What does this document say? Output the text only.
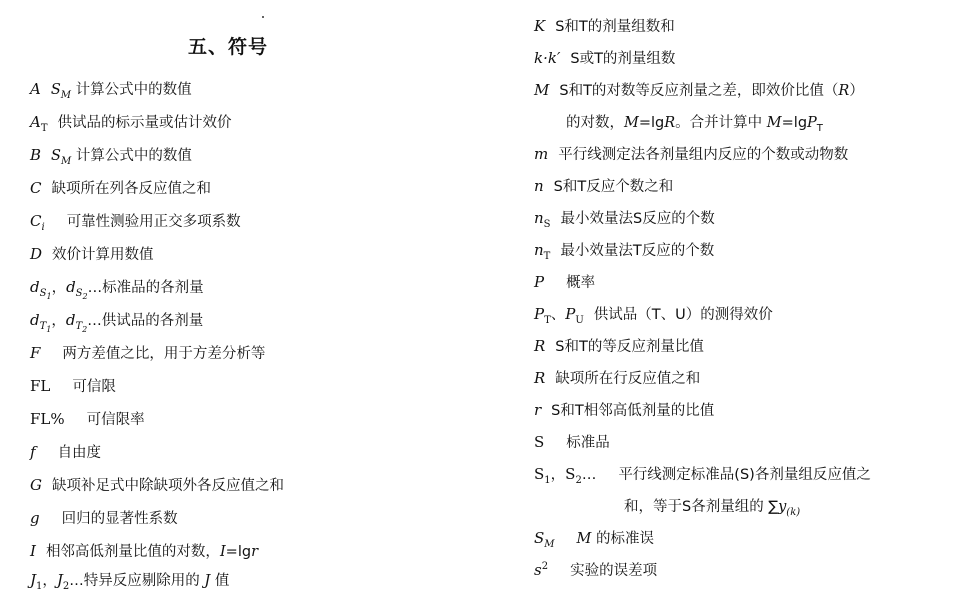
五、符号
A $S_M$ 计算公式中的数值
$A_T$ 供试品的标示量或估计效价
B $S_M$ 计算公式中的数值
C 缺项所在列各反应值之和
$C_i$ 可靠性测验用正交多项系数
D 效价计算用数值
$d_{S_1}$，$d_{S_2}\dots$标准品的各剂量
$d_{T_1}$，$d_{T_2}\dots$供试品的各剂量
F 两方差值之比，用于方差分析等
FL 可信限
FL% 可信限率
f 自由度
G 缺项补足式中除缺项外各反应值之和
g 回归的显著性系数
I 相邻高低剂量比值的对数，I=lgr
$J_1$，$J_2\dots$特异反应剔除用的 J 值
K S和T的剂量组数和
k·k′ S或T的剂量组数
M S和T的对数等反应剂量之差，即效价比值（R）
的对数，M=lgR。合并计算中 M=lgP$_T$
m 平行线测定法各剂量组内反应的个数或动物数
n S和T反应个数之和
$n_S$ 最小效量法S反应的个数
$n_T$ 最小效量法T反应的个数
P 概率
$P_T$、$P_U$ 供试品（T、U）的测得效价
R S和T的等反应剂量比值
R 缺项所在行反应值之和
r S和T相邻高低剂量的比值
S 标准品
$S_1$，$S_2\dots$ 平行线测定标准品(S)各剂量组反应值之
和，等于S各剂量组的 $\sum y_{(k)}$
$S_M$ M 的标准误
$s^2$ 实验的误差项
